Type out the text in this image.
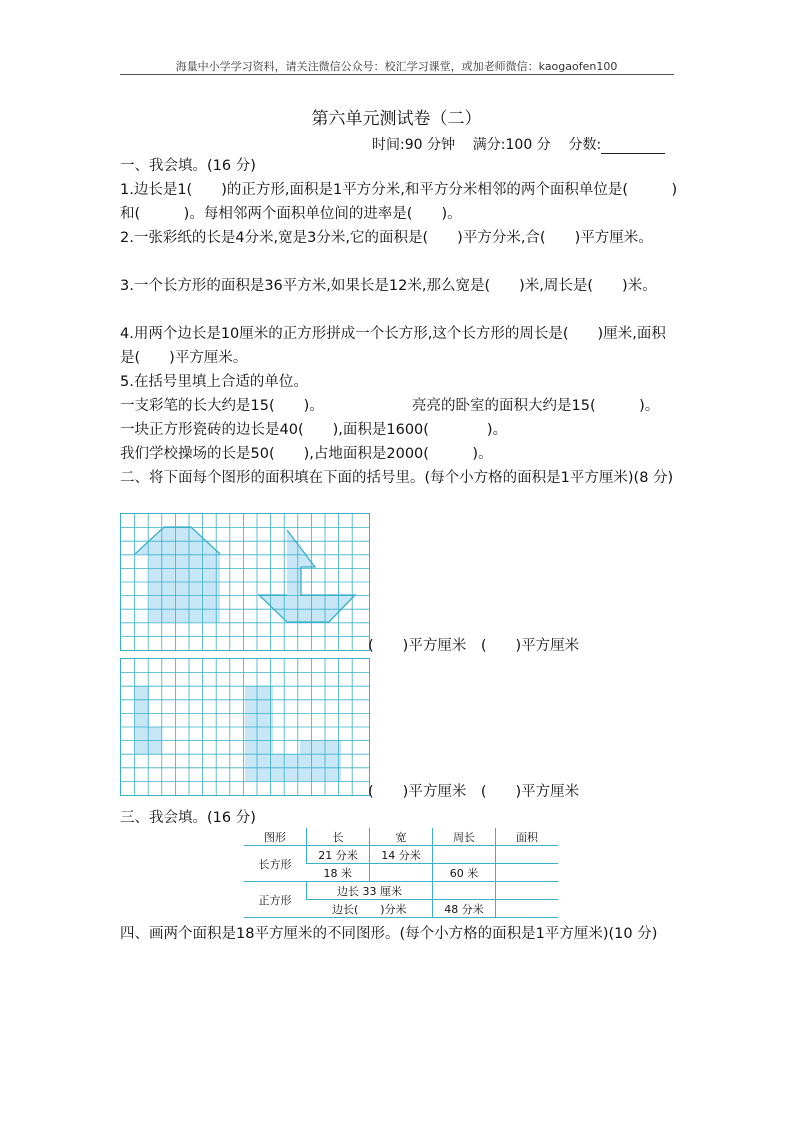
海量中小学学习资料，请关注微信公众号：校汇学习课堂，或加老师微信：kaogaofen100
第六单元测试卷（二）
时间:90 分钟 满分:100 分 分数:
一、我会填。(16 分)
1.边长是1(　　)的正方形,面积是1平方分米,和平方分米相邻的两个面积单位是(　　　)和(　　　)。每相邻两个面积单位间的进率是(　　)。
2.一张彩纸的长是4分米,宽是3分米,它的面积是(　　)平方分米,合(　　)平方厘米。
3.一个长方形的面积是36平方米,如果长是12米,那么宽是(　　)米,周长是(　　)米。
4.用两个边长是10厘米的正方形拼成一个长方形,这个长方形的周长是(　　)厘米,面积是(　　)平方厘米。
5.在括号里填上合适的单位。
一支彩笔的长大约是15(　　)。	亮亮的卧室的面积大约是15(　　　)。
一块正方形瓷砖的边长是40(　　),面积是1600(　　　　)。
我们学校操场的长是50(　　),占地面积是2000(　　　)。
二、将下面每个图形的面积填在下面的括号里。(每个小方格的面积是1平方厘米)(8 分)
(　　)平方厘米　(　　)平方厘米
(　　)平方厘米　(　　)平方厘米
三、我会填。(16 分)
图形	长	宽	周长	面积
长方形	21 分米	14 分米		
	18 米		60 米	
正方形	边长 33 厘米			
	边长(　　)分米		48 分米	
四、画两个面积是18平方厘米的不同图形。(每个小方格的面积是1平方厘米)(10 分)
